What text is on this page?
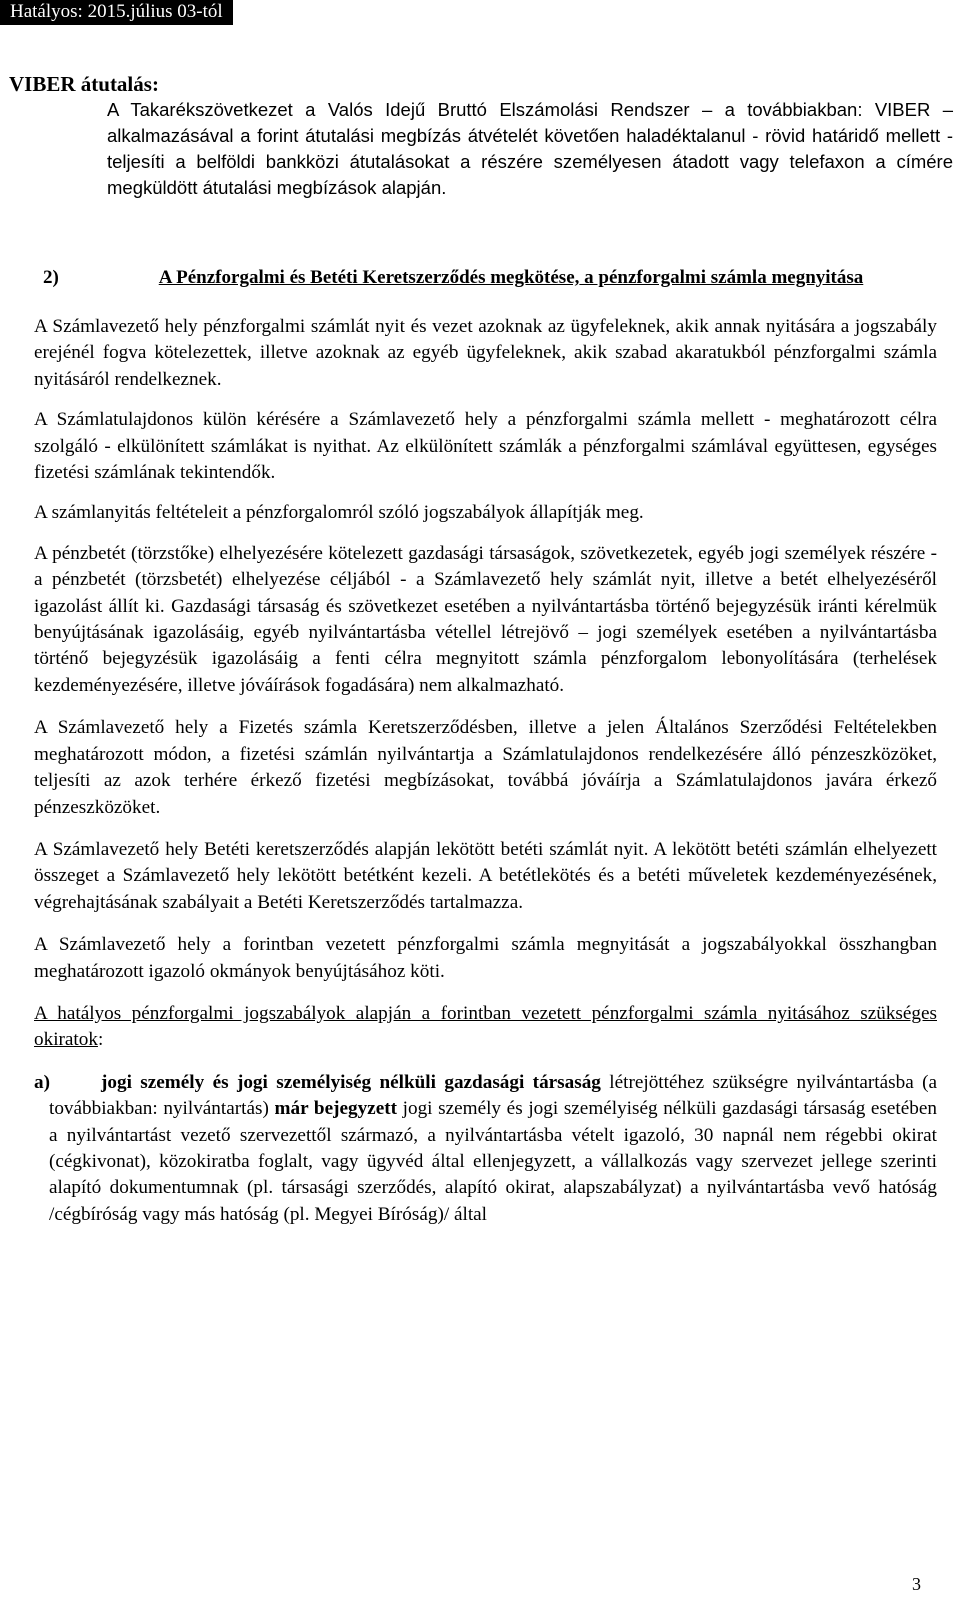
Hatályos: 2015.július 03-tól
VIBER átutalás:

A Takarékszövetkezet a Valós Idejű Bruttó Elszámolási Rendszer – a továbbiakban: VIBER – alkalmazásával a forint átutalási megbízás átvételét követően haladéktalanul - rövid határidő mellett - teljesíti a belföldi bankközi átutalásokat a részére személyesen átadott vagy telefaxon a címére megküldött átutalási megbízások alapján.

2)	A Pénzforgalmi és Betéti Keretszerződés megkötése, a pénzforgalmi számla megnyitása

A Számlavezető hely pénzforgalmi számlát nyit és vezet azoknak az ügyfeleknek, akik annak nyitására a jogszabály erejénél fogva kötelezettek, illetve azoknak az egyéb ügyfeleknek, akik szabad akaratukból pénzforgalmi számla nyitásáról rendelkeznek.

A Számlatulajdonos külön kérésére a Számlavezető hely a pénzforgalmi számla mellett - meghatározott célra szolgáló - elkülönített számlákat is nyithat. Az elkülönített számlák a pénzforgalmi számlával együttesen, egységes fizetési számlának tekintendők.

A számlanyitás feltételeit a pénzforgalomról szóló jogszabályok állapítják meg.

A pénzbetét (törzstőke) elhelyezésére kötelezett gazdasági társaságok, szövetkezetek, egyéb jogi személyek részére - a pénzbetét (törzsbetét) elhelyezése céljából - a Számlavezető hely számlát nyit, illetve a betét elhelyezéséről igazolást állít ki. Gazdasági társaság és szövetkezet esetében a nyilvántartásba történő bejegyzésük iránti kérelmük benyújtásának igazolásáig, egyéb nyilvántartásba vétellel létrejövő – jogi személyek esetében a nyilvántartásba történő bejegyzésük igazolásáig a fenti célra megnyitott számla pénzforgalom lebonyolítására (terhelések kezdeményezésére, illetve jóváírások fogadására) nem alkalmazható.

A Számlavezető hely a Fizetés számla Keretszerződésben, illetve a jelen Általános Szerződési Feltételekben meghatározott módon, a fizetési számlán nyilvántartja a Számlatulajdonos rendelkezésére álló pénzeszközöket, teljesíti az azok terhére érkező fizetési megbízásokat, továbbá jóváírja a Számlatulajdonos javára érkező pénzeszközöket.

A Számlavezető hely Betéti keretszerződés alapján lekötött betéti számlát nyit. A lekötött betéti számlán elhelyezett összeget a Számlavezető hely lekötött betétként kezeli. A betétlekötés és a betéti műveletek kezdeményezésének, végrehajtásának szabályait a Betéti Keretszerződés tartalmazza.

A Számlavezető hely a forintban vezetett pénzforgalmi számla megnyitását a jogszabályokkal összhangban meghatározott igazoló okmányok benyújtásához köti.

A hatályos pénzforgalmi jogszabályok alapján a forintban vezetett pénzforgalmi számla nyitásához szükséges okiratok:

a)	jogi személy és jogi személyiség nélküli gazdasági társaság létrejöttéhez szükségre nyilvántartásba (a továbbiakban: nyilvántartás) már bejegyzett jogi személy és jogi személyiség nélküli gazdasági társaság esetében a nyilvántartást vezető szervezettől származó, a nyilvántartásba vételt igazoló, 30 napnál nem régebbi okirat (cégkivonat), közokiratba foglalt, vagy ügyvéd által ellenjegyzett, a vállalkozás vagy szervezet jellege szerinti alapító dokumentumnak (pl. társasági szerződés, alapító okirat, alapszabályzat) a nyilvántartásba vevő hatóság /cégbíróság vagy más hatóság (pl. Megyei Bíróság)/ által

3
